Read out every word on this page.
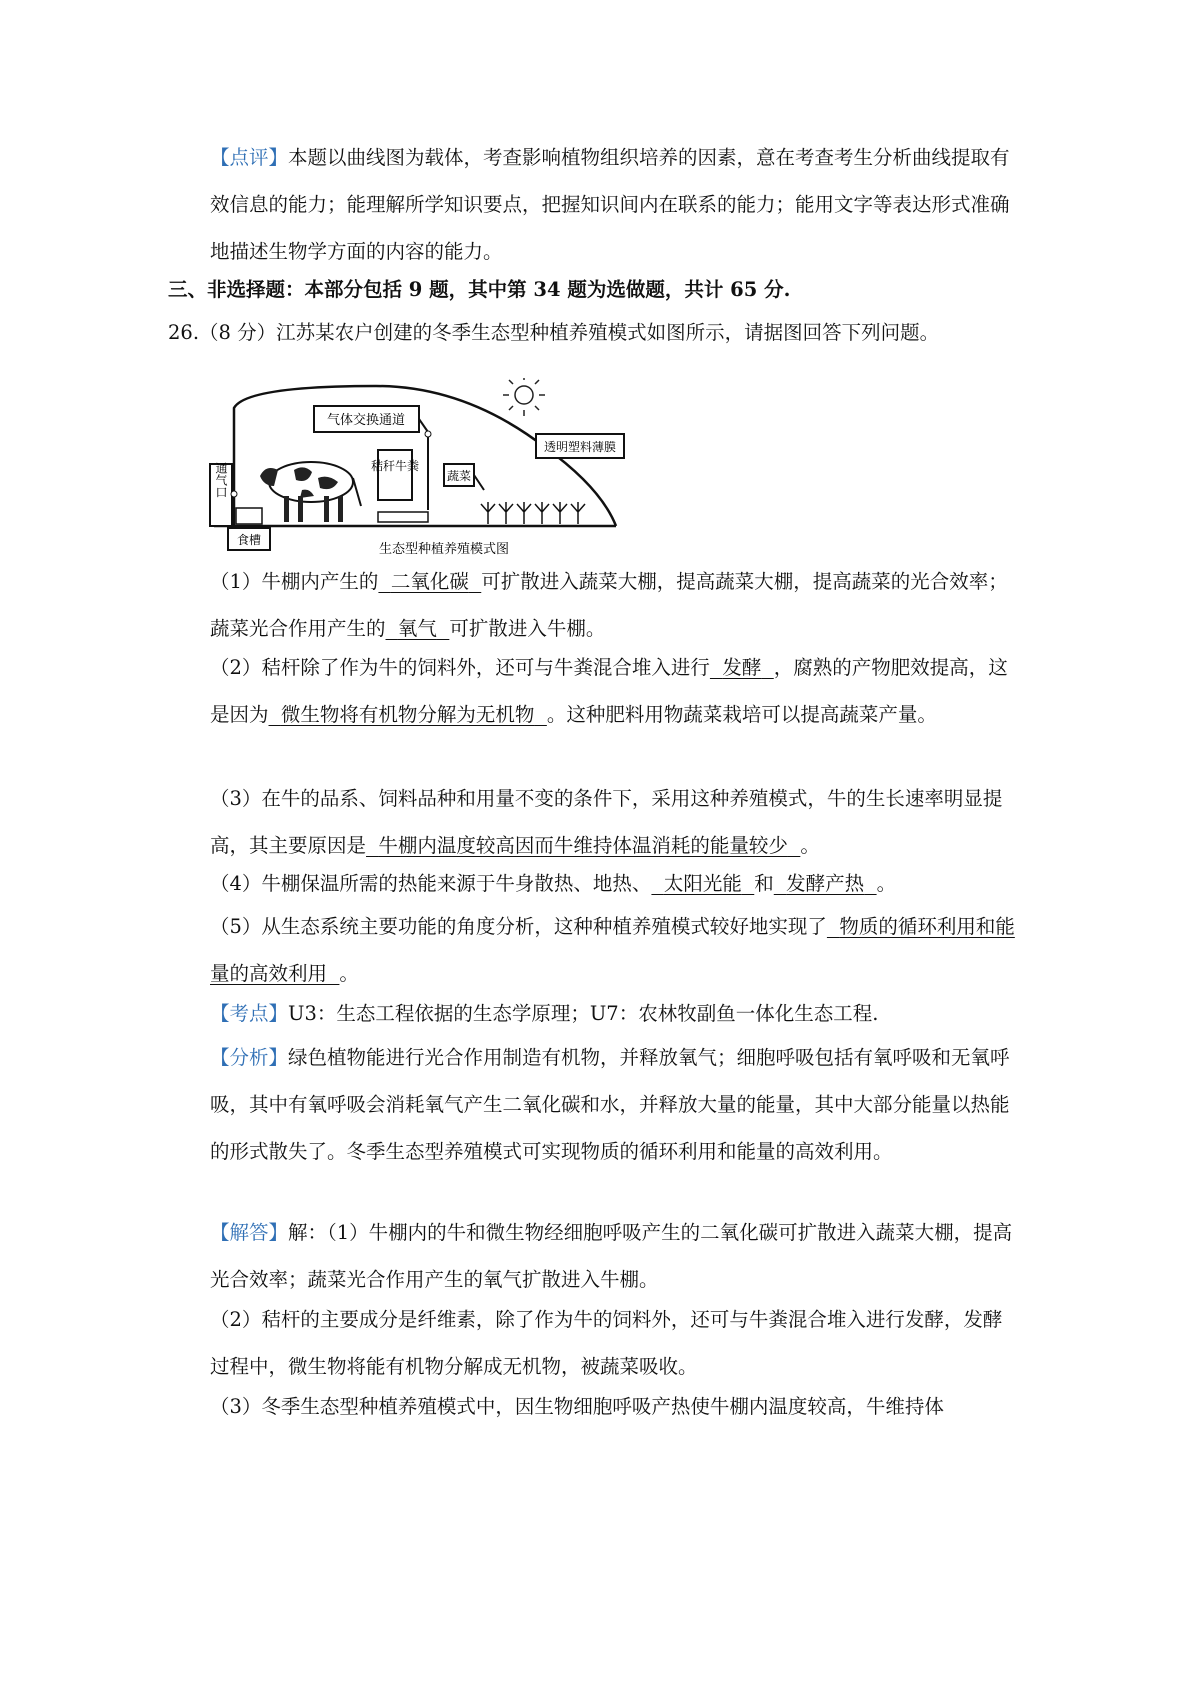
【点评】本题以曲线图为载体，考查影响植物组织培养的因素，意在考查考生分析曲线提取有效信息的能力；能理解所学知识要点，把握知识间内在联系的能力；能用文字等表达形式准确地描述生物学方面的内容的能力。

三、非选择题：本部分包括 9 题，其中第 34 题为选做题，共计 65 分.

26.（8 分）江苏某农户创建的冬季生态型种植养殖模式如图所示，请据图回答下列问题。

气体交换通道
透明塑料薄膜
通气口
食槽
秸秆牛粪
蔬菜
生态型种植养殖模式图

（1）牛棚内产生的 二氧化碳 可扩散进入蔬菜大棚，提高蔬菜大棚，提高蔬菜的光合效率；蔬菜光合作用产生的 氧气 可扩散进入牛棚。

（2）秸杆除了作为牛的饲料外，还可与牛粪混合堆入进行 发酵 ，腐熟的产物肥效提高，这是因为 微生物将有机物分解为无机物 。这种肥料用物蔬菜栽培可以提高蔬菜产量。

（3）在牛的品系、饲料品种和用量不变的条件下，采用这种养殖模式，牛的生长速率明显提高，其主要原因是 牛棚内温度较高因而牛维持体温消耗的能量较少 。

（4）牛棚保温所需的热能来源于牛身散热、地热、 太阳光能 和 发酵产热 。

（5）从生态系统主要功能的角度分析，这种种植养殖模式较好地实现了 物质的循环利用和能量的高效利用 。

【考点】U3：生态工程依据的生态学原理；U7：农林牧副鱼一体化生态工程.

【分析】绿色植物能进行光合作用制造有机物，并释放氧气；细胞呼吸包括有氧呼吸和无氧呼吸，其中有氧呼吸会消耗氧气产生二氧化碳和水，并释放大量的能量，其中大部分能量以热能的形式散失了。冬季生态型养殖模式可实现物质的循环利用和能量的高效利用。

【解答】解：（1）牛棚内的牛和微生物经细胞呼吸产生的二氧化碳可扩散进入蔬菜大棚，提高光合效率；蔬菜光合作用产生的氧气扩散进入牛棚。

（2）秸杆的主要成分是纤维素，除了作为牛的饲料外，还可与牛粪混合堆入进行发酵，发酵过程中，微生物将能有机物分解成无机物，被蔬菜吸收。

（3）冬季生态型种植养殖模式中，因生物细胞呼吸产热使牛棚内温度较高，牛维持体
